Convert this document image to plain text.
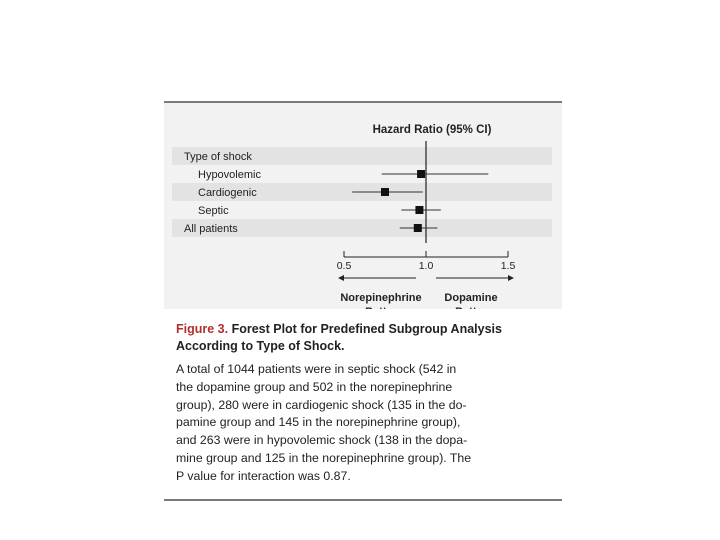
Hazard Ratio (95% CI)
Type of shock
Hypovolemic
Cardiogenic
Septic
All patients
0.5	1.0	1.5
Norepinephrine Dopamine
Figure 3. Forest Plot for Predefined Subgroup Analysis According to Type of Shock.
A total of 1044 patients were in septic shock (542 in
the dopamine group and 502 in the norepinephrine
group), 280 were in cardiogenic shock (135 in the do-
pamine group and 145 in the norepinephrine group),
and 263 were in hypovolemic shock (138 in the dopa-
mine group and 125 in the norepinephrine group). The
P value for interaction was 0.87.
